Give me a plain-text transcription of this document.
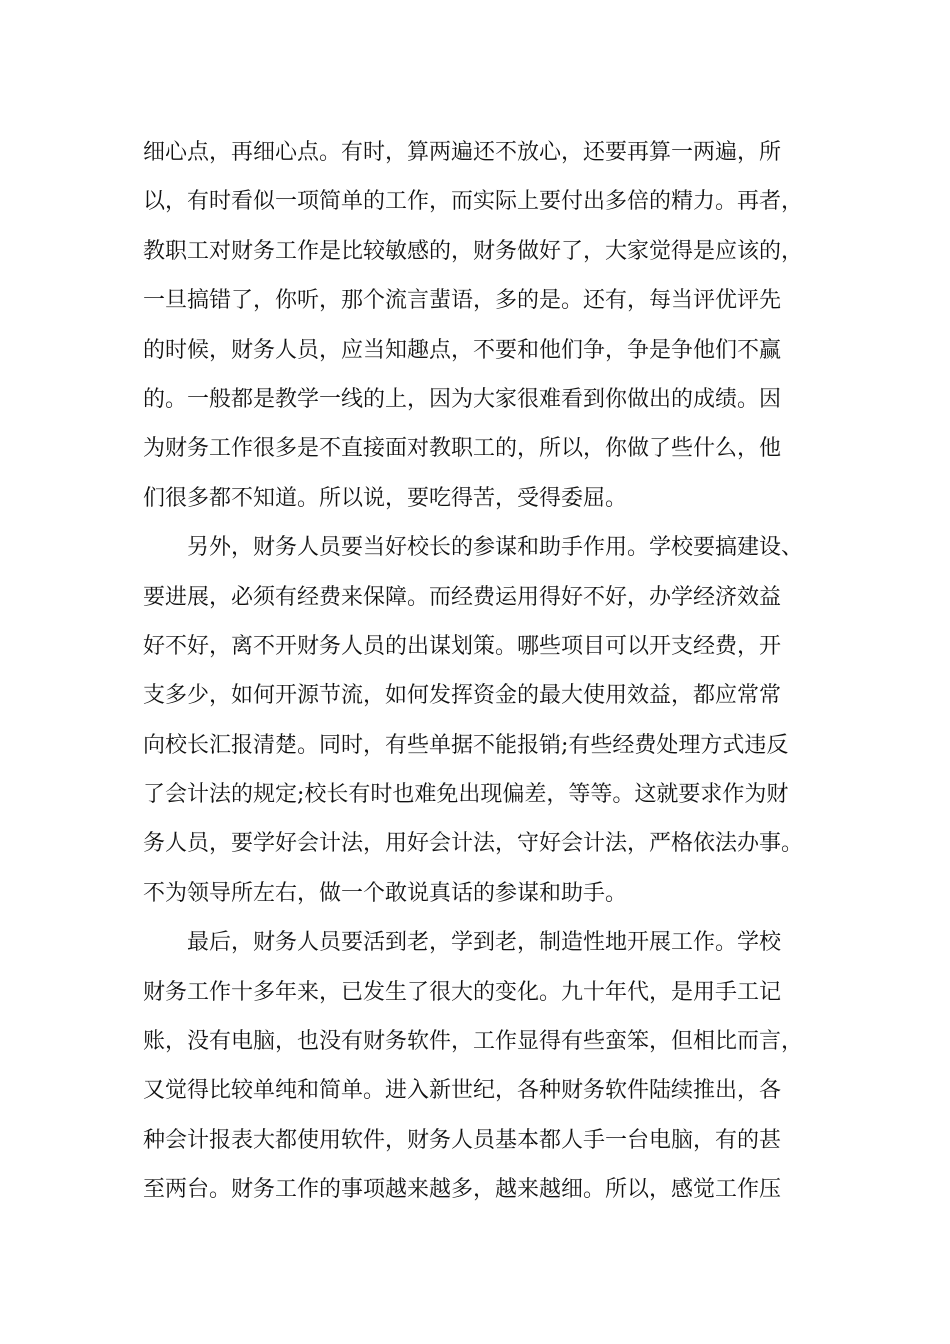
细心点，再细心点。有时，算两遍还不放心，还要再算一两遍，所
以，有时看似一项简单的工作，而实际上要付出多倍的精力。再者，
教职工对财务工作是比较敏感的，财务做好了，大家觉得是应该的，
一旦搞错了，你听，那个流言蜚语，多的是。还有，每当评优评先
的时候，财务人员，应当知趣点，不要和他们争，争是争他们不赢
的。一般都是教学一线的上，因为大家很难看到你做出的成绩。因
为财务工作很多是不直接面对教职工的，所以，你做了些什么，他
们很多都不知道。所以说，要吃得苦，受得委屈。
　　另外，财务人员要当好校长的参谋和助手作用。学校要搞建设、
要进展，必须有经费来保障。而经费运用得好不好，办学经济效益
好不好，离不开财务人员的出谋划策。哪些项目可以开支经费，开
支多少，如何开源节流，如何发挥资金的最大使用效益，都应常常
向校长汇报清楚。同时，有些单据不能报销;有些经费处理方式违反
了会计法的规定;校长有时也难免出现偏差，等等。这就要求作为财
务人员，要学好会计法，用好会计法，守好会计法，严格依法办事。
不为领导所左右，做一个敢说真话的参谋和助手。
　　最后，财务人员要活到老，学到老，制造性地开展工作。学校
财务工作十多年来，已发生了很大的变化。九十年代，是用手工记
账，没有电脑，也没有财务软件，工作显得有些蛮笨，但相比而言，
又觉得比较单纯和简单。进入新世纪，各种财务软件陆续推出，各
种会计报表大都使用软件，财务人员基本都人手一台电脑，有的甚
至两台。财务工作的事项越来越多，越来越细。所以，感觉工作压
